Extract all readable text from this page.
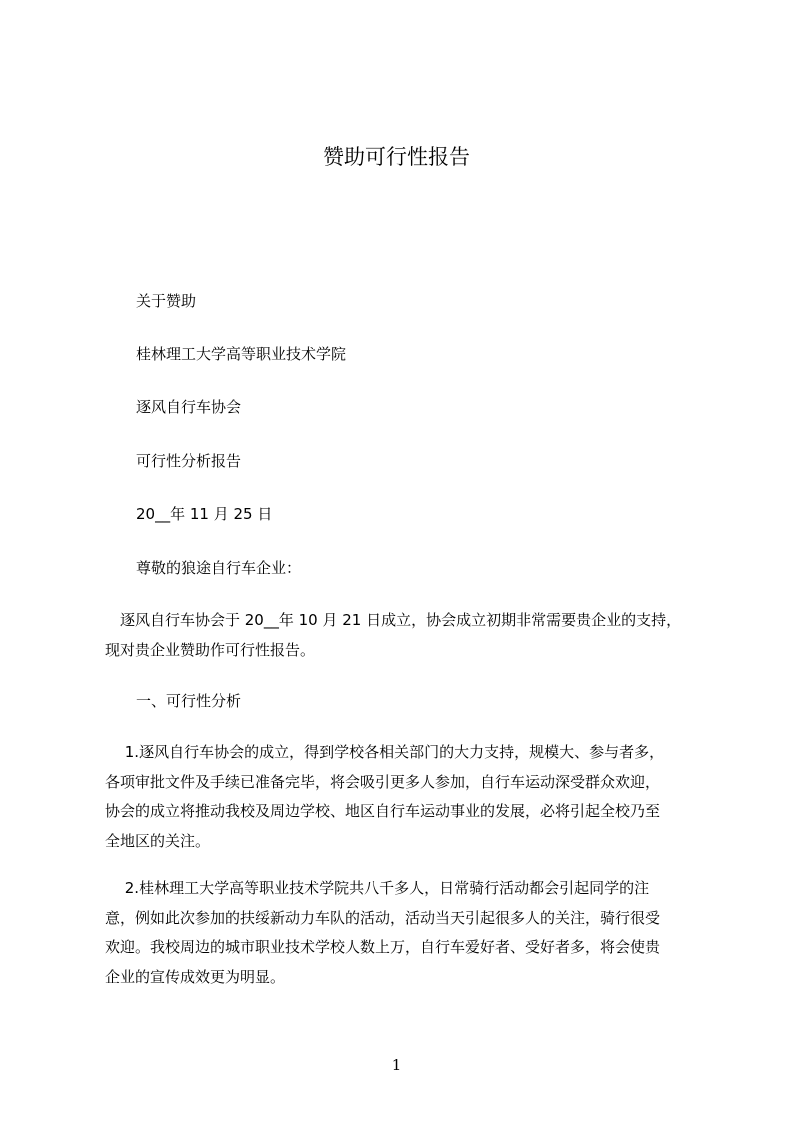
赞助可行性报告

关于赞助

桂林理工大学高等职业技术学院

逐风自行车协会

可行性分析报告

20__年 11 月 25 日

尊敬的狼途自行车企业：

　逐风自行车协会于 20__年 10 月 21 日成立，协会成立初期非常需要贵企业的支持，
现对贵企业赞助作可行性报告。

一、可行性分析

　 1.逐风自行车协会的成立，得到学校各相关部门的大力支持，规模大、参与者多，
各项审批文件及手续已准备完毕，将会吸引更多人参加，自行车运动深受群众欢迎，
协会的成立将推动我校及周边学校、地区自行车运动事业的发展，必将引起全校乃至
全地区的关注。
　 2.桂林理工大学高等职业技术学院共八千多人，日常骑行活动都会引起同学的注
意，例如此次参加的扶绥新动力车队的活动，活动当天引起很多人的关注，骑行很受
欢迎。我校周边的城市职业技术学校人数上万，自行车爱好者、受好者多，将会使贵
企业的宣传成效更为明显。

1
